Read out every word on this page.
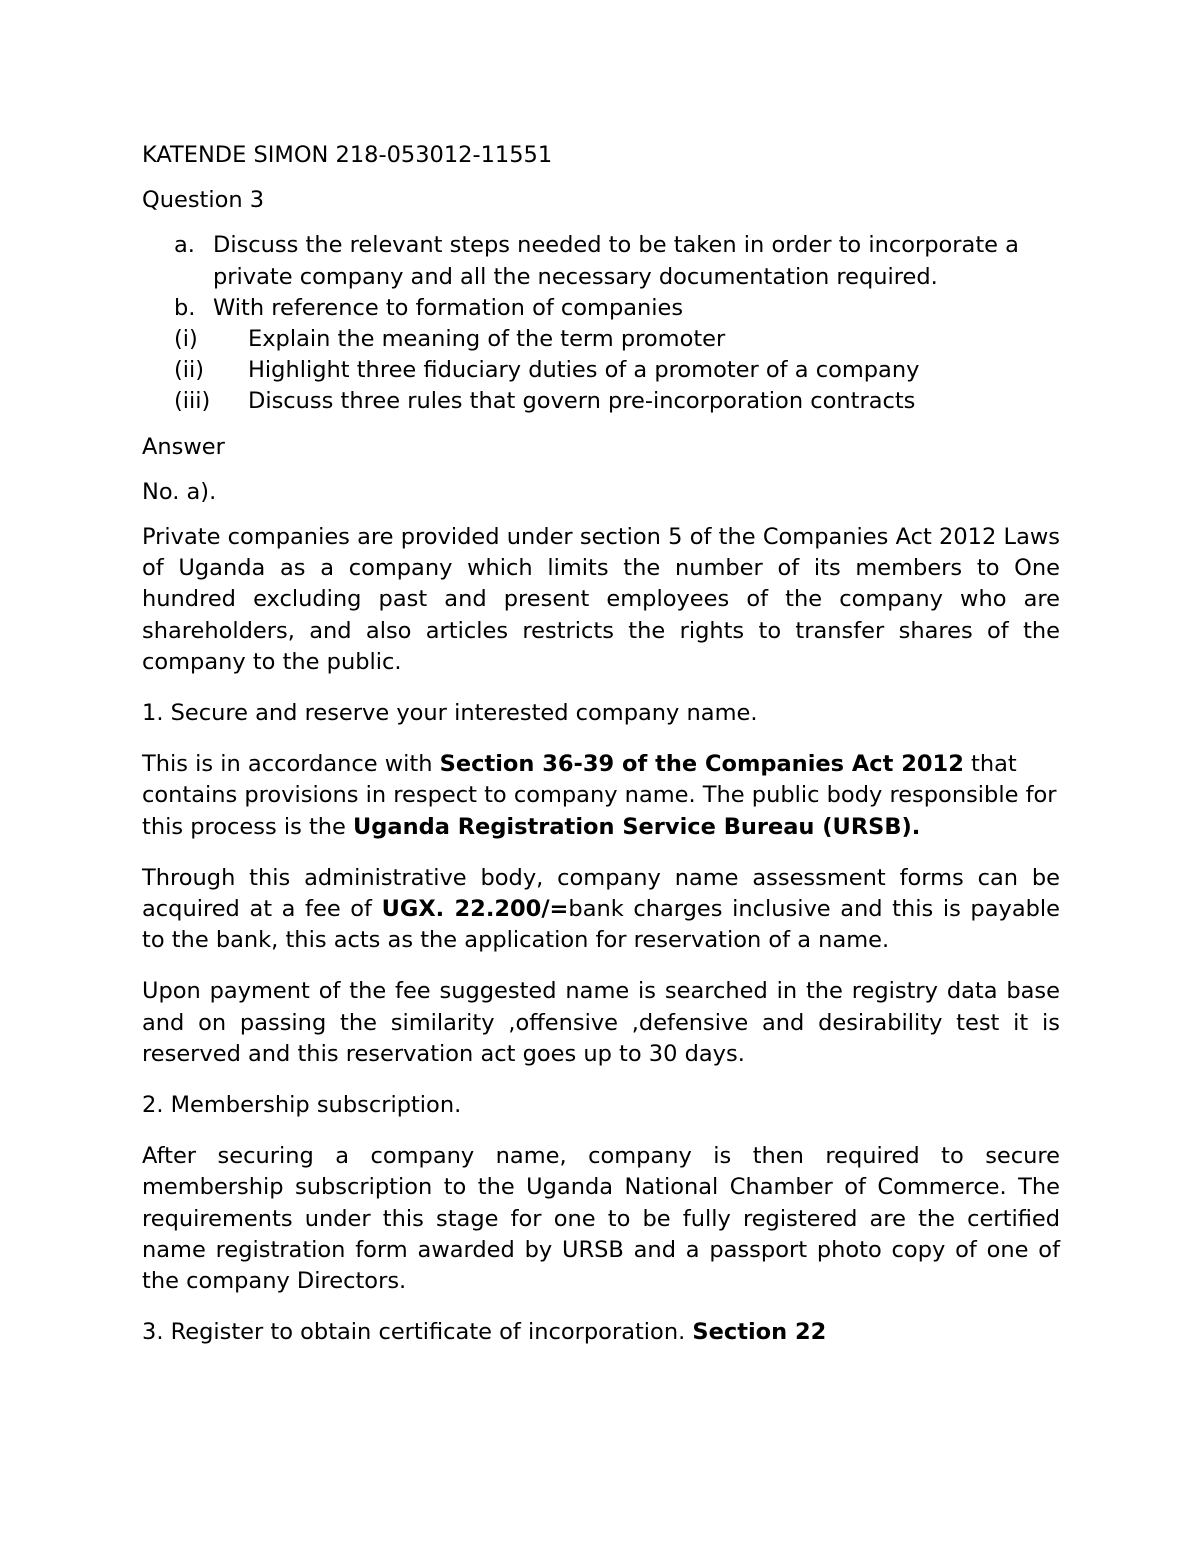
KATENDE SIMON 218-053012-11551

Question 3

a. Discuss the relevant steps needed to be taken in order to incorporate a private company and all the necessary documentation required.
b. With reference to formation of companies
(i)	Explain the meaning of the term promoter
(ii)	Highlight three fiduciary duties of a promoter of a company
(iii)	Discuss three rules that govern pre-incorporation contracts

Answer

No. a).

Private companies are provided under section 5 of the Companies Act 2012 Laws of Uganda as a company which limits the number of its members to One hundred excluding past and present employees of the company who are shareholders, and also articles restricts the rights to transfer shares of the company to the public.

1. Secure and reserve your interested company name.

This is in accordance with Section 36-39 of the Companies Act 2012 that contains provisions in respect to company name. The public body responsible for this process is the Uganda Registration Service Bureau (URSB).

Through this administrative body, company name assessment forms can be acquired at a fee of UGX. 22.200/=bank charges inclusive and this is payable to the bank, this acts as the application for reservation of a name.

Upon payment of the fee suggested name is searched in the registry data base and on passing the similarity ,offensive ,defensive and desirability test it is reserved and this reservation act goes up to 30 days.

2. Membership subscription.

After securing a company name, company is then required to secure membership subscription to the Uganda National Chamber of Commerce. The requirements under this stage for one to be fully registered are the certified name registration form awarded by URSB and a passport photo copy of one of the company Directors.

3. Register to obtain certificate of incorporation. Section 22
